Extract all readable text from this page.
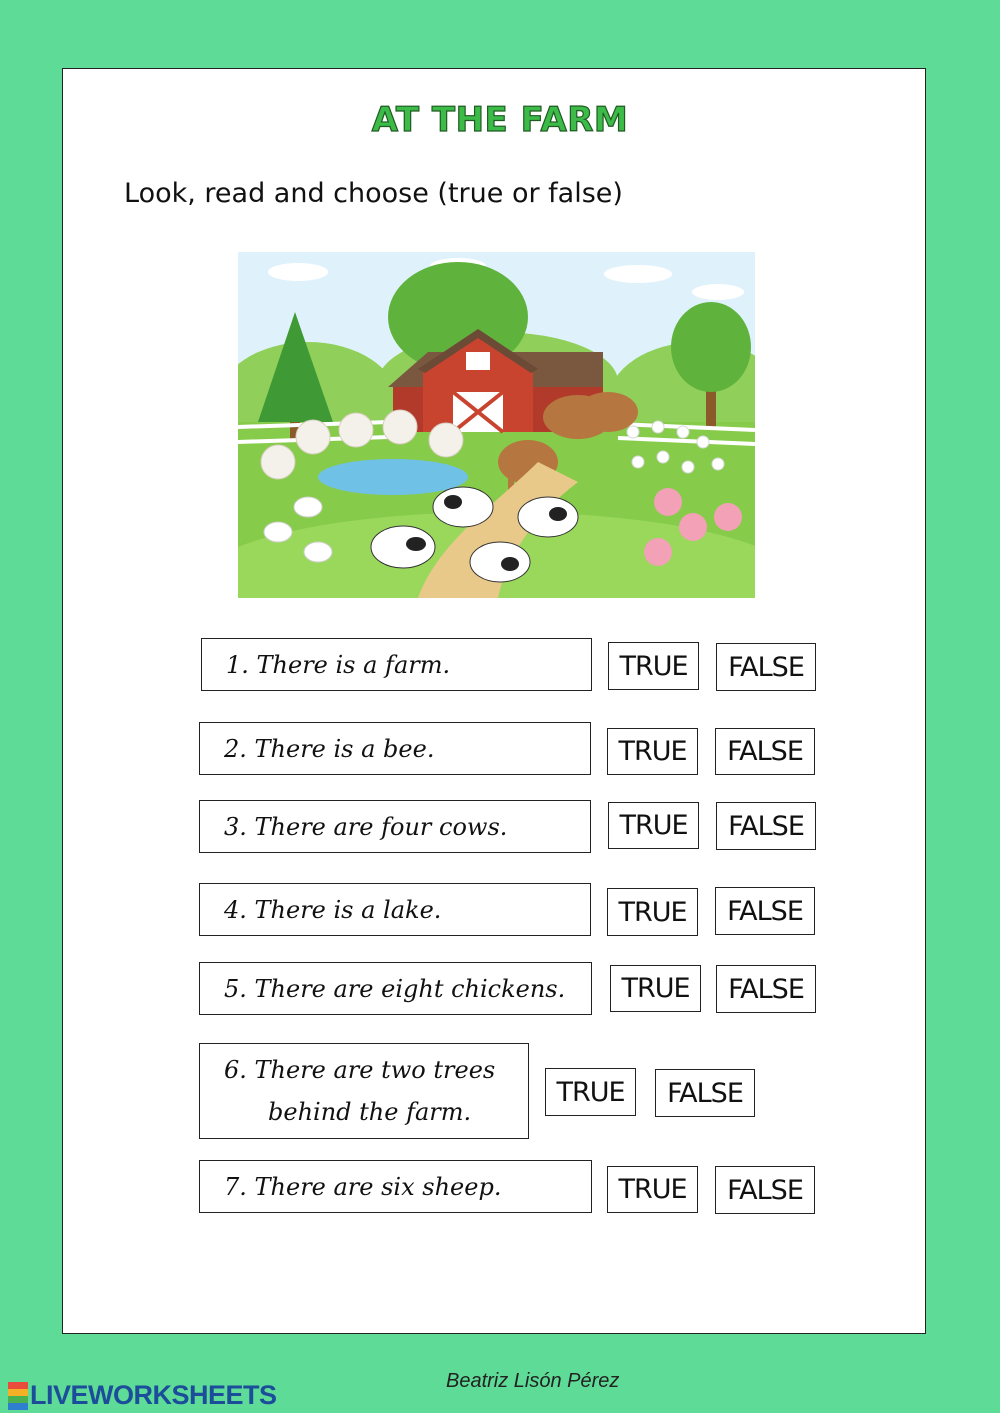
AT THE FARM
Look, read and choose (true or false)
1. There is a farm.	TRUE	FALSE
2. There is a bee.	TRUE	FALSE
3. There are four cows.	TRUE	FALSE
4. There is a lake.	TRUE	FALSE
5. There are eight chickens.	TRUE	FALSE
6. There are two trees
behind the farm.
TRUE	FALSE
7. There are six sheep.	TRUE	FALSE
LIVEWORKSHEETS	Beatriz Lisón Pérez
